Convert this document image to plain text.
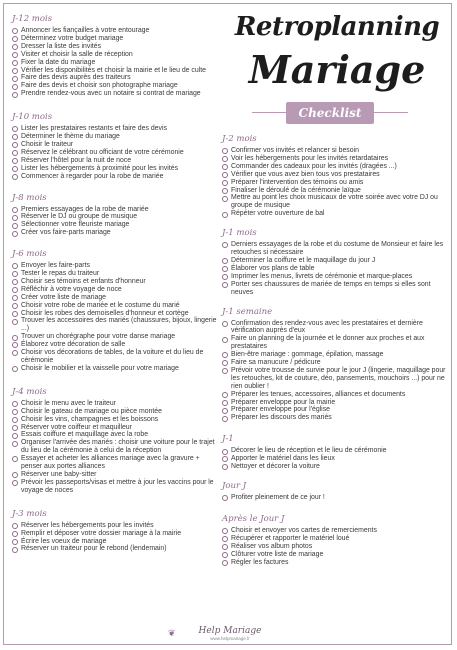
Retroplanning
Mariage
Checklist
J-12 mois
Annoncer les fiançailles à votre entourage
Déterminez votre budget mariage
Dresser la liste des invités
Visiter et choisir la salle de réception
Fixer la date du mariage
Vérifier les disponibilités et choisir la mairie et le lieu de culte
Faire des devis auprès des traiteurs
Faire des devis et choisir son photographe mariage
Prendre rendez-vous avec un notaire si contrat de mariage
J-10 mois
Lister les prestataires restants et faire des devis
Déterminer le thème du mariage
Choisir le traiteur
Réservez le célébrant ou officiant de votre cérémonie
Réserver l'hôtel pour la nuit de noce
Lister les hébergements à proximité pour les invités
Commencer à regarder pour la robe de mariée
J-8 mois
Premiers essayages de la robe de mariée
Réserver le DJ ou groupe de musique
Sélectionner votre fleuriste mariage
Créer vos faire-parts mariage
J-6 mois
Envoyer les faire-parts
Tester le repas du traiteur
Choisir ses témoins et enfants d'honneur
Réfléchir à votre voyage de noce
Créer votre liste de mariage
Choisir votre robe de mariée et le costume du marié
Choisir les robes des demoiselles d'honneur et cortège
Trouver les accessoires des mariés (chaussures, bijoux, lingerie ...)
Trouver un chorégraphe pour votre danse mariage
Élaborez votre décoration de salle
Choisir vos décorations de tables, de la voiture et du lieu de cérémonie
Choisir le mobilier et la vaisselle pour votre mariage
J-4 mois
Choisir le menu avec le traiteur
Choisir le gateau de mariage ou pièce montée
Choisir les vins, champagnes et les boissons
Réserver votre coiffeur et maquilleur
Essais coiffure et maquillage avec la robe
Organiser l'arrivée des mariés : choisir une voiture pour le trajet du lieu de la cérémonie à celui de la réception
Essayer et acheter les alliances mariage avec la gravure + penser aux portes alliances
Réserver une baby-sitter
Prévoir les passeports/visas et mettre à jour les vaccins pour le voyage de noces
J-3 mois
Réserver les hébergements pour les invités
Remplir et déposer votre dossier mariage à la mairie
Écrire les voeux de mariage
Réserver un traiteur pour le rebond (lendemain)
J-2 mois
Confirmer vos invités et relancer si besoin
Voir les hébergements pour les invités retardataires
Commander des cadeaux pour les invités (dragées ...)
Vérifier que vous avez bien tous vos prestataires
Préparer l'intervention des témoins ou amis
Finaliser le déroulé de la cérémonie laïque
Mettre au point les choix musicaux de votre soirée avec votre DJ ou groupe de musique
Répéter votre ouverture de bal
J-1 mois
Derniers essayages de la robe et du costume de Monsieur et faire les retouches si nécessaire
Déterminer la coiffure et le maquillage du jour J
Élaborer vos plans de table
Imprimer les menus, livrets de cérémonie et marque-places
Porter ses chaussures de mariée de temps en temps si elles sont neuves
J-1 semaine
Confirmation des rendez-vous avec les prestataires et dernière vérification auprès d'eux
Faire un planning de la journée et le donner aux proches et aux prestataires
Bien-être mariage : gommage, épilation, massage
Faire sa manucure / pédicure
Prévoir votre trousse de survie pour le jour J (lingerie, maquillage pour les retouches, kit de couture, déo, pansements, mouchoirs ...) pour ne rien oublier !
Préparer les tenues, accessoires, alliances et documents
Préparer enveloppe pour la mairie
Préparer enveloppe pour l'église
Préparer les discours des mariés
J-1
Décorer le lieu de réception et le lieu de cérémonie
Apporter le matériel dans les lieux
Nettoyer et décorer la voiture
Jour J
Profiter pleinement de ce jour !
Après le Jour J
Choisir et envoyer vos cartes de remerciements
Récupérer et rapporter le matériel loué
Réaliser vos album photos
Clôturer votre liste de mariage
Régler les factures
❦	Help Mariage
www.helpmariage.fr
